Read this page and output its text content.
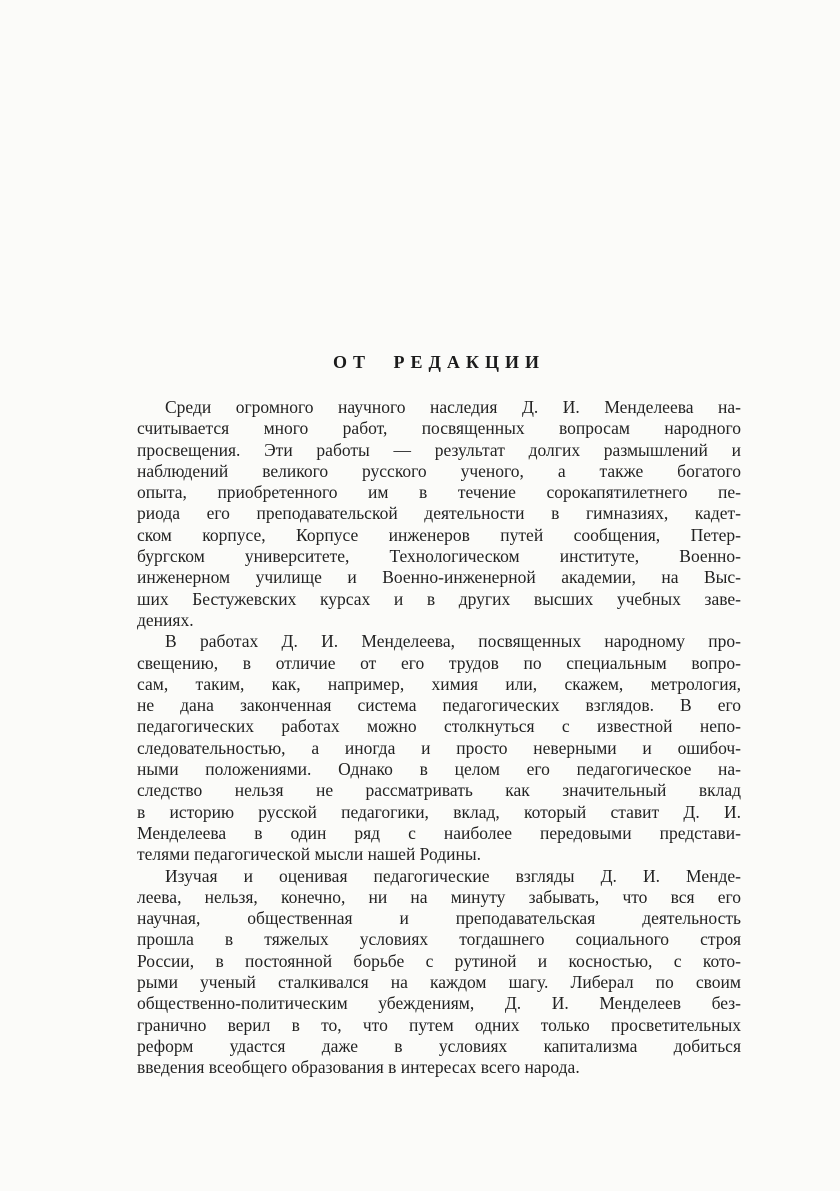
ОТ РЕДАКЦИИ
Среди огромного научного наследия Д. И. Менделеева на-
считывается много работ, посвященных вопросам народного
просвещения. Эти работы — результат долгих размышлений и
наблюдений великого русского ученого, а также богатого
опыта, приобретенного им в течение сорокапятилетнего пе-
риода его преподавательской деятельности в гимназиях, кадет-
ском корпусе, Корпусе инженеров путей сообщения, Петер-
бургском университете, Технологическом институте, Военно-
инженерном училище и Военно-инженерной академии, на Выс-
ших Бестужевских курсах и в других высших учебных заве-
дениях.
В работах Д. И. Менделеева, посвященных народному про-
свещению, в отличие от его трудов по специальным вопро-
сам, таким, как, например, химия или, скажем, метрология,
не дана законченная система педагогических взглядов. В его
педагогических работах можно столкнуться с известной непо-
следовательностью, а иногда и просто неверными и ошибоч-
ными положениями. Однако в целом его педагогическое на-
следство нельзя не рассматривать как значительный вклад
в историю русской педагогики, вклад, который ставит Д. И.
Менделеева в один ряд с наиболее передовыми представи-
телями педагогической мысли нашей Родины.
Изучая и оценивая педагогические взгляды Д. И. Менде-
леева, нельзя, конечно, ни на минуту забывать, что вся его
научная, общественная и преподавательская деятельность
прошла в тяжелых условиях тогдашнего социального строя
России, в постоянной борьбе с рутиной и косностью, с кото-
рыми ученый сталкивался на каждом шагу. Либерал по своим
общественно-политическим убеждениям, Д. И. Менделеев без-
гранично верил в то, что путем одних только просветительных
реформ удастся даже в условиях капитализма добиться
введения всеобщего образования в интересах всего народа.
